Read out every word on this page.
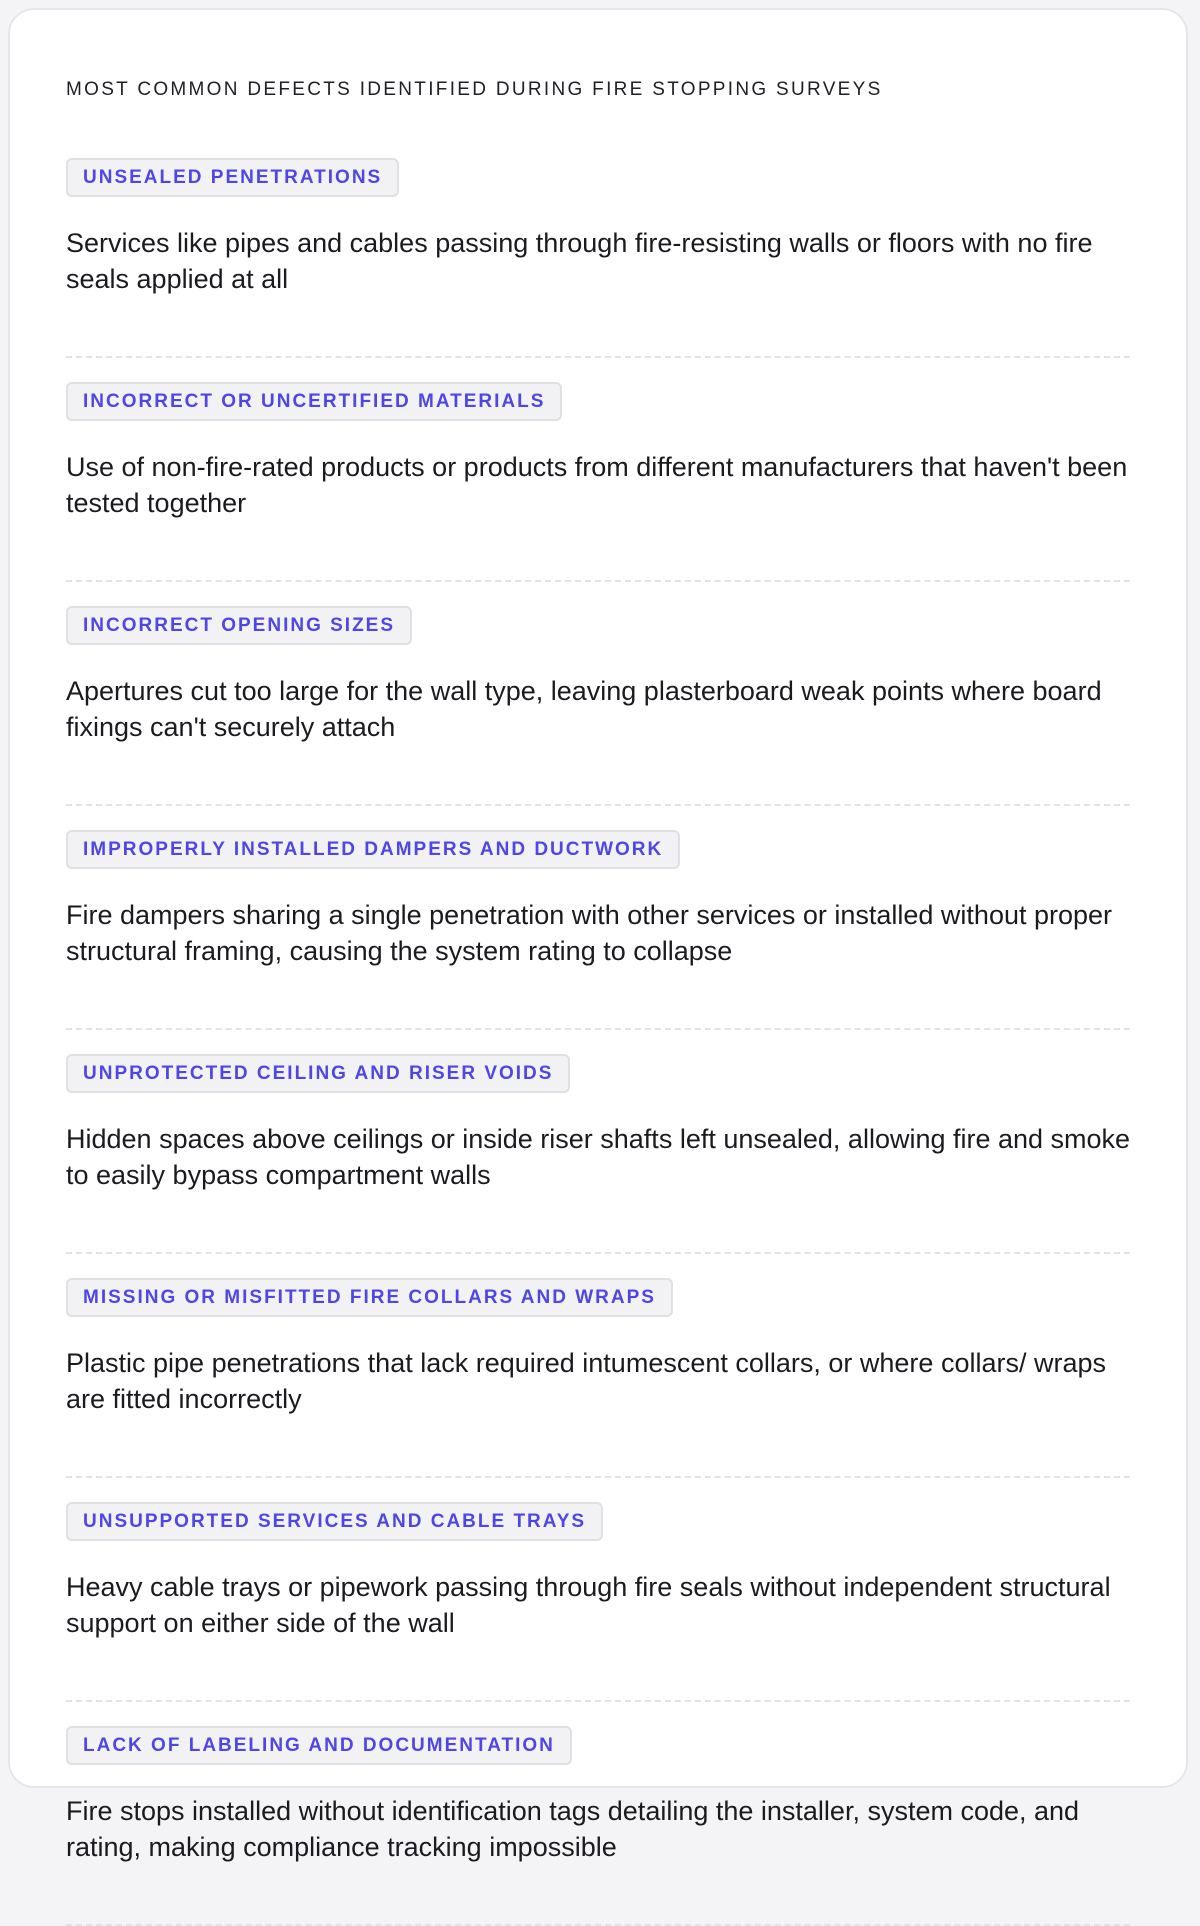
MOST COMMON DEFECTS IDENTIFIED DURING FIRE STOPPING SURVEYS
UNSEALED PENETRATIONS

Services like pipes and cables passing through fire-resisting walls or floors with no fire seals applied at all

INCORRECT OR UNCERTIFIED MATERIALS

Use of non-fire-rated products or products from different manufacturers that haven't been tested together

INCORRECT OPENING SIZES

Apertures cut too large for the wall type, leaving plasterboard weak points where board fixings can't securely attach

IMPROPERLY INSTALLED DAMPERS AND DUCTWORK

Fire dampers sharing a single penetration with other services or installed without proper structural framing, causing the system rating to collapse

UNPROTECTED CEILING AND RISER VOIDS

Hidden spaces above ceilings or inside riser shafts left unsealed, allowing fire and smoke to easily bypass compartment walls

MISSING OR MISFITTED FIRE COLLARS AND WRAPS

Plastic pipe penetrations that lack required intumescent collars, or where collars/ wraps are fitted incorrectly

UNSUPPORTED SERVICES AND CABLE TRAYS

Heavy cable trays or pipework passing through fire seals without independent structural support on either side of the wall

LACK OF LABELING AND DOCUMENTATION

Fire stops installed without identification tags detailing the installer, system code, and rating, making compliance tracking impossible
